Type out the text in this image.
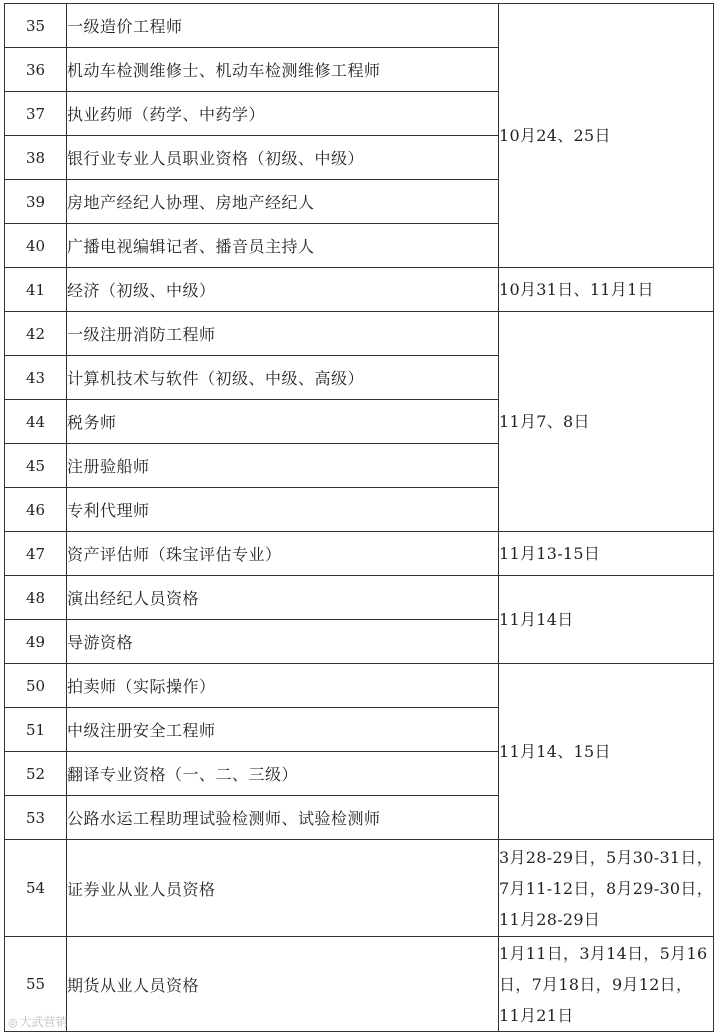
35	一级造价工程师	10月24、25日
36	机动车检测维修士、机动车检测维修工程师	
37	执业药师（药学、中药学）	
38	银行业专业人员职业资格（初级、中级）	
39	房地产经纪人协理、房地产经纪人	
40	广播电视编辑记者、播音员主持人	
41	经济（初级、中级）	10月31日、11月1日
42	一级注册消防工程师	11月7、8日
43	计算机技术与软件（初级、中级、高级）	
44	税务师	
45	注册验船师	
46	专利代理师	
47	资产评估师（珠宝评估专业）	11月13-15日
48	演出经纪人员资格	11月14日
49	导游资格	
50	拍卖师（实际操作）	11月14、15日
51	中级注册安全工程师	
52	翻译专业资格（一、二、三级）	
53	公路水运工程助理试验检测师、试验检测师	
54	证券业从业人员资格	3月28-29日，5月30-31日，7月11-12日，8月29-30日，11月28-29日
55	期货从业人员资格	1月11日，3月14日，5月16日，7月18日，9月12日，11月21日
◎ 大武营销
